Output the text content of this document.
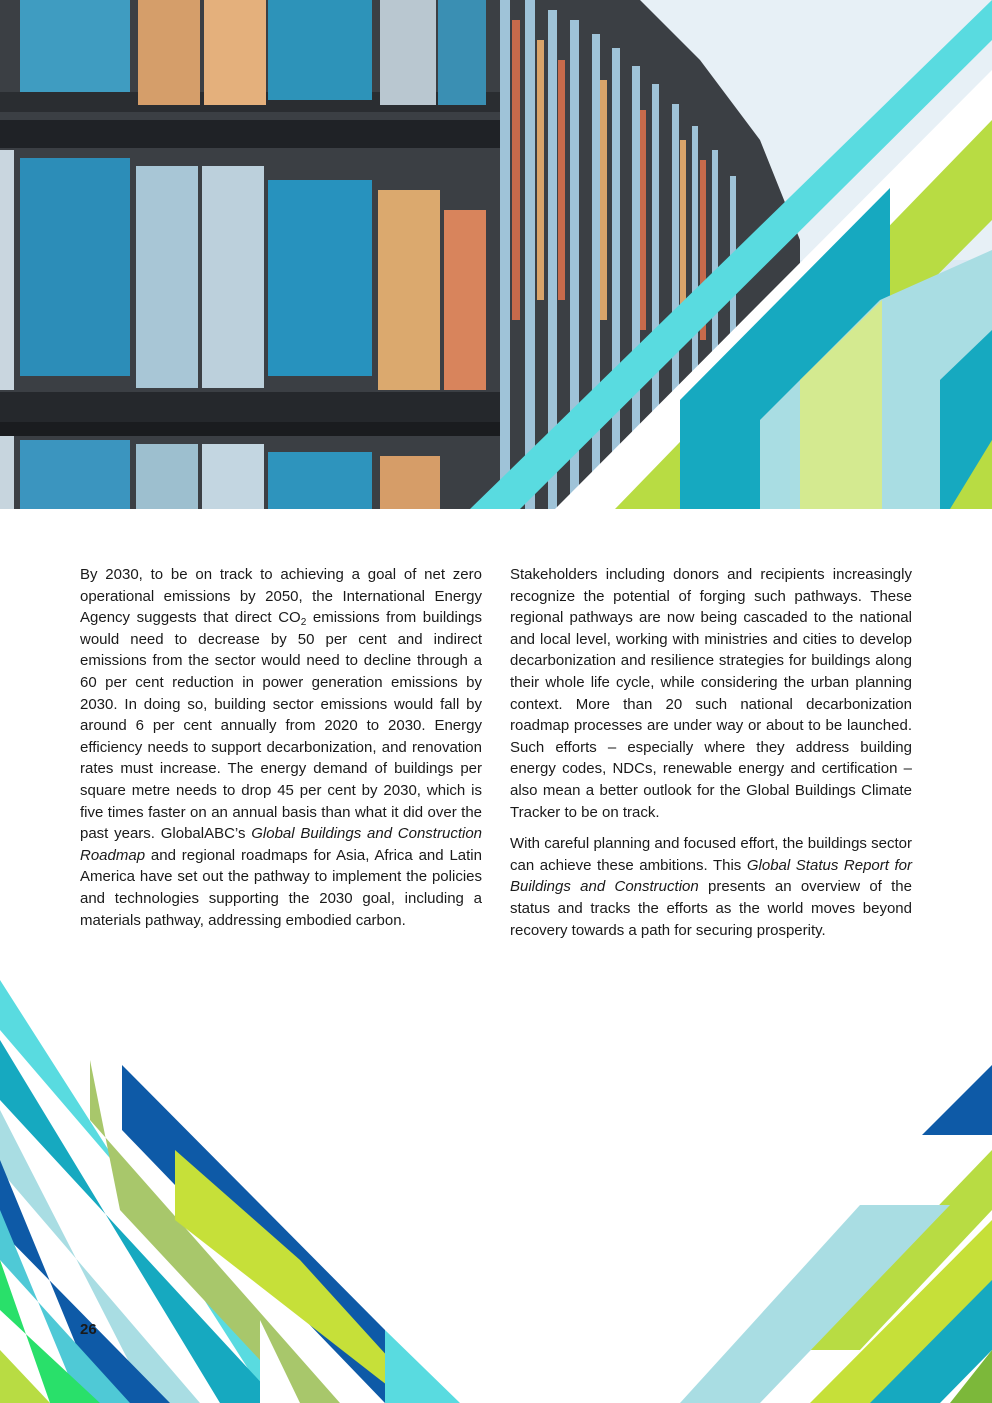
By 2030, to be on track to achieving a goal of net zero operational emissions by 2050, the International Energy Agency suggests that direct $CO_2$ emissions from buildings would need to decrease by 50 per cent and indirect emissions from the sector would need to decline through a 60 per cent reduction in power generation emissions by 2030. In doing so, building sector emissions would fall by around 6 per cent annually from 2020 to 2030. Energy efficiency needs to support decarbonization, and renovation rates must increase. The energy demand of buildings per square metre needs to drop 45 per cent by 2030, which is five times faster on an annual basis than what it did over the past years. GlobalABC’s Global Buildings and Construction Roadmap and regional roadmaps for Asia, Africa and Latin America have set out the pathway to implement the policies and technologies supporting the 2030 goal, including a materials pathway, addressing embodied carbon.

Stakeholders including donors and recipients increasingly recognize the potential of forging such pathways. These regional pathways are now being cascaded to the national and local level, working with ministries and cities to develop decarbonization and resilience strategies for buildings along their whole life cycle, while considering the urban planning context. More than 20 such national decarbonization roadmap processes are under way or about to be launched. Such efforts – especially where they address building energy codes, NDCs, renewable energy and certification – also mean a better outlook for the Global Buildings Climate Tracker to be on track.

With careful planning and focused effort, the buildings sector can achieve these ambitions. This Global Status Report for Buildings and Construction presents an overview of the status and tracks the efforts as the world moves beyond recovery towards a path for securing prosperity.

26
